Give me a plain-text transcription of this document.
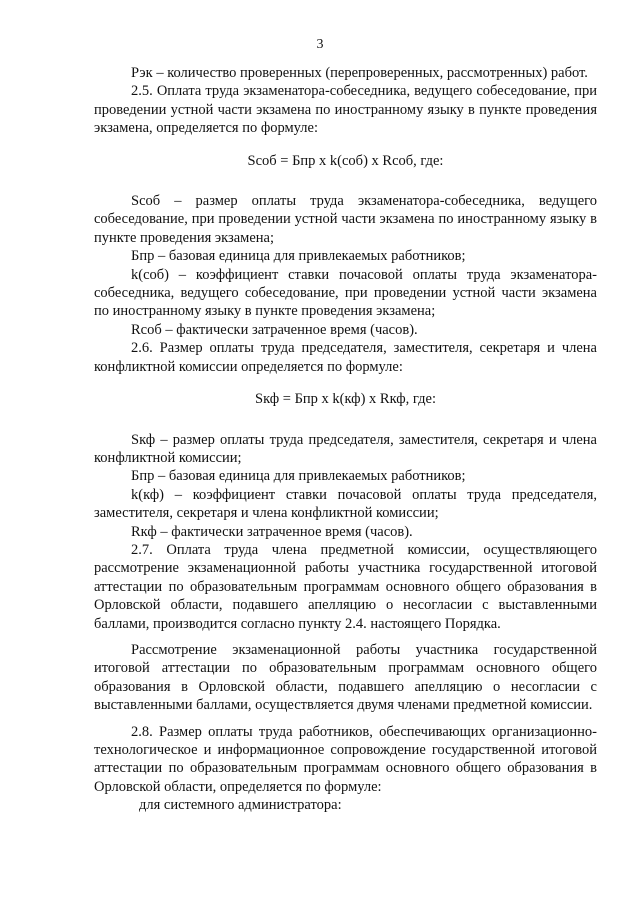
3

Рэк – количество проверенных (перепроверенных, рассмотренных) работ.

2.5. Оплата труда экзаменатора-собеседника, ведущего собеседование, при проведении устной части экзамена по иностранному языку в пункте проведения экзамена, определяется по формуле:

Sсоб = Бпр х k(соб) х Rсоб, где:

Sсоб – размер оплаты труда экзаменатора-собеседника, ведущего собеседование, при проведении устной части экзамена по иностранному языку в пункте проведения экзамена;

Бпр – базовая единица для привлекаемых работников;

k(соб) – коэффициент ставки почасовой оплаты труда экзаменатора-собеседника, ведущего собеседование, при проведении устной части экзамена по иностранному языку в пункте проведения экзамена;

Rсоб – фактически затраченное время (часов).

2.6. Размер оплаты труда председателя, заместителя, секретаря и члена конфликтной комиссии определяется по формуле:

Sкф = Бпр х k(кф) х Rкф, где:

Sкф – размер оплаты труда председателя, заместителя, секретаря и члена конфликтной комиссии;

Бпр – базовая единица для привлекаемых работников;

k(кф) – коэффициент ставки почасовой оплаты труда председателя, заместителя, секретаря и члена конфликтной комиссии;

Rкф – фактически затраченное время (часов).

2.7. Оплата труда члена предметной комиссии, осуществляющего рассмотрение экзаменационной работы участника государственной итоговой аттестации по образовательным программам основного общего образования в Орловской области, подавшего апелляцию о несогласии с выставленными баллами, производится согласно пункту 2.4. настоящего Порядка.

Рассмотрение экзаменационной работы участника государственной итоговой аттестации по образовательным программам основного общего образования в Орловской области, подавшего апелляцию о несогласии с выставленными баллами, осуществляется двумя членами предметной комиссии.

2.8. Размер оплаты труда работников, обеспечивающих организационно-технологическое и информационное сопровождение государственной итоговой аттестации по образовательным программам основного общего образования в Орловской области, определяется по формуле:

для системного администратора:
